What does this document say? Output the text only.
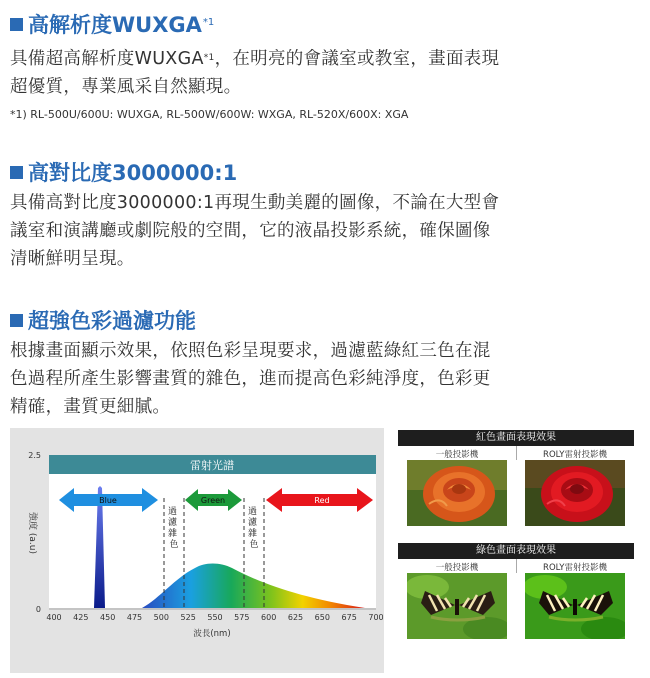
高解析度WUXGA$^{*1}$
具備超高解析度WUXGA$^{*1}$，在明亮的會議室或教室，畫面表現
超優質，專業風采自然顯現。
*1) RL-500U/600U: WUXGA, RL-500W/600W: WXGA, RL-520X/600X: XGA
高對比度3000000:1
具備高對比度3000000:1再現生動美麗的圖像，不論在大型會
議室和演講廳或劇院般的空間，它的液晶投影系統，確保圖像
清晰鮮明呈現。
超強色彩過濾功能
根據畫面顯示效果，依照色彩呈現要求，過濾藍綠紅三色在混
色過程所產生影響畫質的雜色，進而提高色彩純淨度，色彩更
精確，畫質更細膩。
雷射光譜
2.5
0
強度 (a.u)
過 濾 雜 色
過 濾 雜 色
Blue	Green	Red
400 425 450 475 500 525 550 575 600 625 650 675 700
波長(nm)
紅色畫面表現效果
一般投影機	ROLY雷射投影機
綠色畫面表現效果
一般投影機	ROLY雷射投影機
